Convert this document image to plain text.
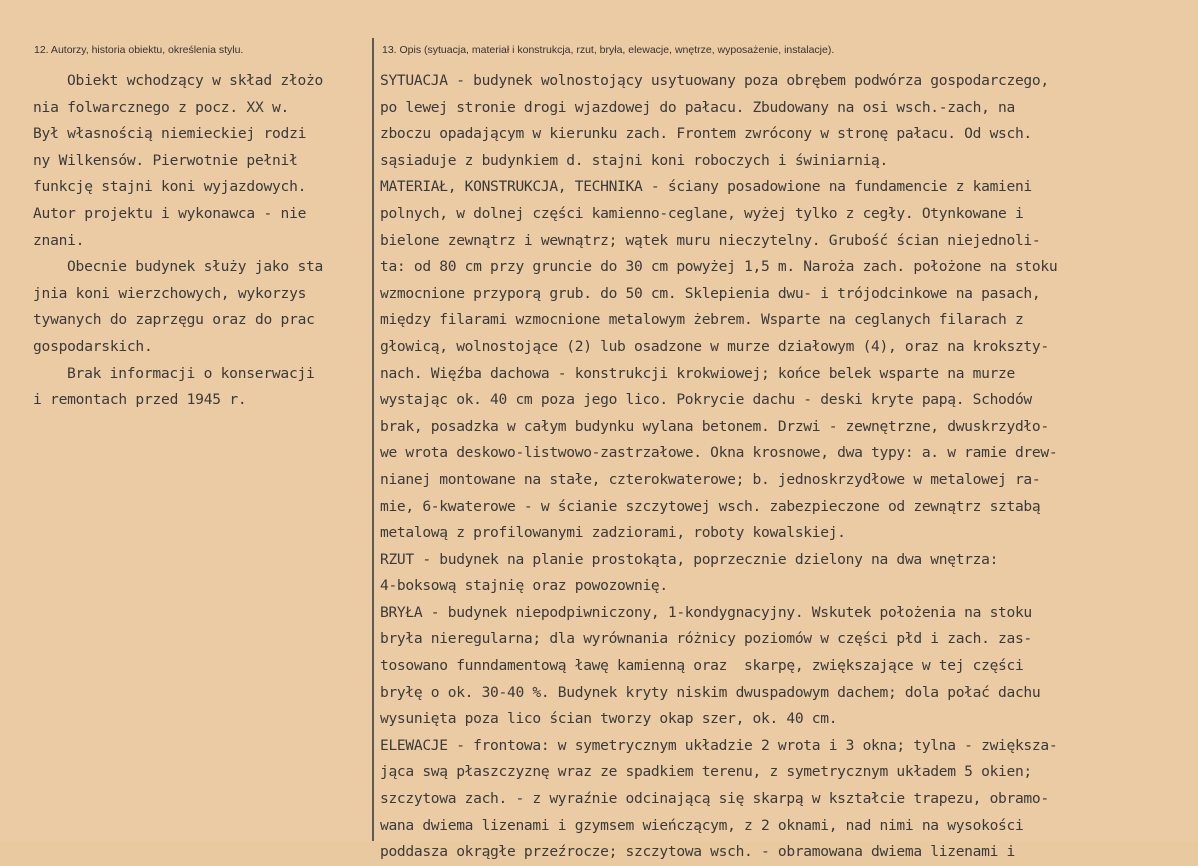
12. Autorzy, historia obiektu, określenia stylu.	13. Opis (sytuacja, materiał i konstrukcja, rzut, bryła, elewacje, wnętrze, wyposażenie, instalacje).
Obiekt wchodzący w skład złożo
nia folwarcznego z pocz. XX w.
Był własnością niemieckiej rodzi
ny Wilkensów. Pierwotnie pełnił
funkcję stajni koni wyjazdowych.
Autor projektu i wykonawca - nie
znani.
Obecnie budynek służy jako sta
jnia koni wierzchowych, wykorzys
tywanych do zaprzęgu oraz do prac
gospodarskich.
Brak informacji o konserwacji
i remontach przed 1945 r.
SYTUACJA - budynek wolnostojący usytuowany poza obrębem podwórza gospodarczego,
po lewej stronie drogi wjazdowej do pałacu. Zbudowany na osi wsch.-zach, na
zboczu opadającym w kierunku zach. Frontem zwrócony w stronę pałacu. Od wsch.
sąsiaduje z budynkiem d. stajni koni roboczych i świniarnią.
MATERIAŁ, KONSTRUKCJA, TECHNIKA - ściany posadowione na fundamencie z kamieni
polnych, w dolnej części kamienno-ceglane, wyżej tylko z cegły. Otynkowane i
bielone zewnątrz i wewnątrz; wątek muru nieczytelny. Grubość ścian niejednoli-
ta: od 80 cm przy gruncie do 30 cm powyżej 1,5 m. Naroża zach. położone na stoku
wzmocnione przyporą grub. do 50 cm. Sklepienia dwu- i trójodcinkowe na pasach,
między filarami wzmocnione metalowym żebrem. Wsparte na ceglanych filarach z
głowicą, wolnostojące (2) lub osadzone w murze działowym (4), oraz na krokszty-
nach. Więźba dachowa - konstrukcji krokwiowej; końce belek wsparte na murze
wystając ok. 40 cm poza jego lico. Pokrycie dachu - deski kryte papą. Schodów
brak, posadzka w całym budynku wylana betonem. Drzwi - zewnętrzne, dwuskrzydło-
we wrota deskowo-listwowo-zastrzałowe. Okna krosnowe, dwa typy: a. w ramie drew-
nianej montowane na stałe, czterokwaterowe; b. jednoskrzydłowe w metalowej ra-
mie, 6-kwaterowe - w ścianie szczytowej wsch. zabezpieczone od zewnątrz sztabą
metalową z profilowanymi zadziorami, roboty kowalskiej.
RZUT - budynek na planie prostokąta, poprzecznie dzielony na dwa wnętrza:
4-boksową stajnię oraz powozownię.
BRYŁA - budynek niepodpiwniczony, 1-kondygnacyjny. Wskutek położenia na stoku
bryła nieregularna; dla wyrównania różnicy poziomów w części płd i zach. zas-
tosowano funndamentową ławę kamienną oraz  skarpę, zwiększające w tej części
bryłę o ok. 30-40 %. Budynek kryty niskim dwuspadowym dachem; dola połać dachu
wysunięta poza lico ścian tworzy okap szer, ok. 40 cm.
ELEWACJE - frontowa: w symetrycznym układzie 2 wrota i 3 okna; tylna - zwiększa-
jąca swą płaszczyznę wraz ze spadkiem terenu, z symetrycznym układem 5 okien;
szczytowa zach. - z wyraźnie odcinającą się skarpą w kształcie trapezu, obramo-
wana dwiema lizenami i gzymsem wieńczącym, z 2 oknami, nad nimi na wysokości
poddasza okrągłe przeźrocze; szczytowa wsch. - obramowana dwiema lizenami i
